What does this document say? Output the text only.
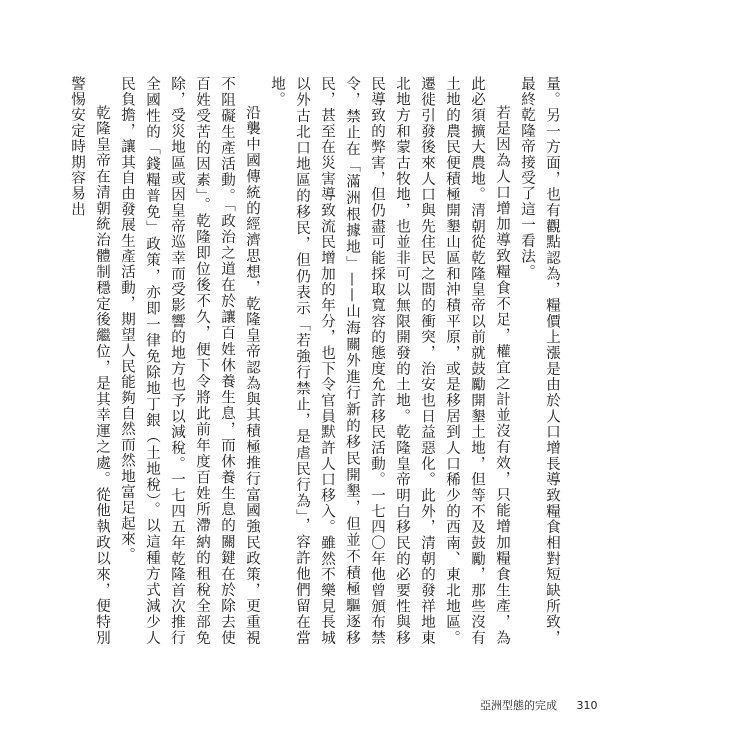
量。另一方面，也有觀點認為，糧價上漲是由於人口增長導致糧食相對短缺所致，最終乾隆帝接受了這一看法。

若是因為人口增加導致糧食不足，權宜之計並沒有效，只能增加糧食生產，為此必須擴大農地。清朝從乾隆皇帝以前就鼓勵開墾土地，但等不及鼓勵，那些沒有土地的農民便積極開墾山區和沖積平原，或是移居到人口稀少的西南、東北地區。遷徙引發後來人口與先住民之間的衝突，治安也日益惡化。此外，清朝的發祥地東北地方和蒙古牧地，也並非可以無限開發的土地。乾隆皇帝明白移民的必要性與移民導致的弊害，但仍盡可能採取寬容的態度允許移民活動。一七四〇年他曾頒布禁令，禁止在「滿洲根據地」——山海關外進行新的移民開墾，但並不積極驅逐移民，甚至在災害導致流民增加的年分，也下令官員默許人口移入。雖然不樂見長城以外古北口地區的移民，但仍表示「若強行禁止，是虐民行為」，容許他們留在當地。

沿襲中國傳統的經濟思想，乾隆皇帝認為與其積極推行富國強民政策，更重視不阻礙生產活動。「政治之道在於讓百姓休養生息，而休養生息的關鍵在於除去使百姓受苦的因素」。乾隆即位後不久，便下令將此前年度百姓所滯納的租稅全部免除，受災地區或因皇帝巡幸而受影響的地方也予以減稅。一七四五年乾隆首次推行全國性的「錢糧普免」政策，亦即一律免除地丁銀（土地稅）。以這種方式減少人民負擔，讓其自由發展生產活動，期望人民能夠自然而然地富足起來。

乾隆皇帝在清朝統治體制穩定後繼位，是其幸運之處。從他執政以來，便特別警惕安定時期容易出

亞洲型態的完成 310
